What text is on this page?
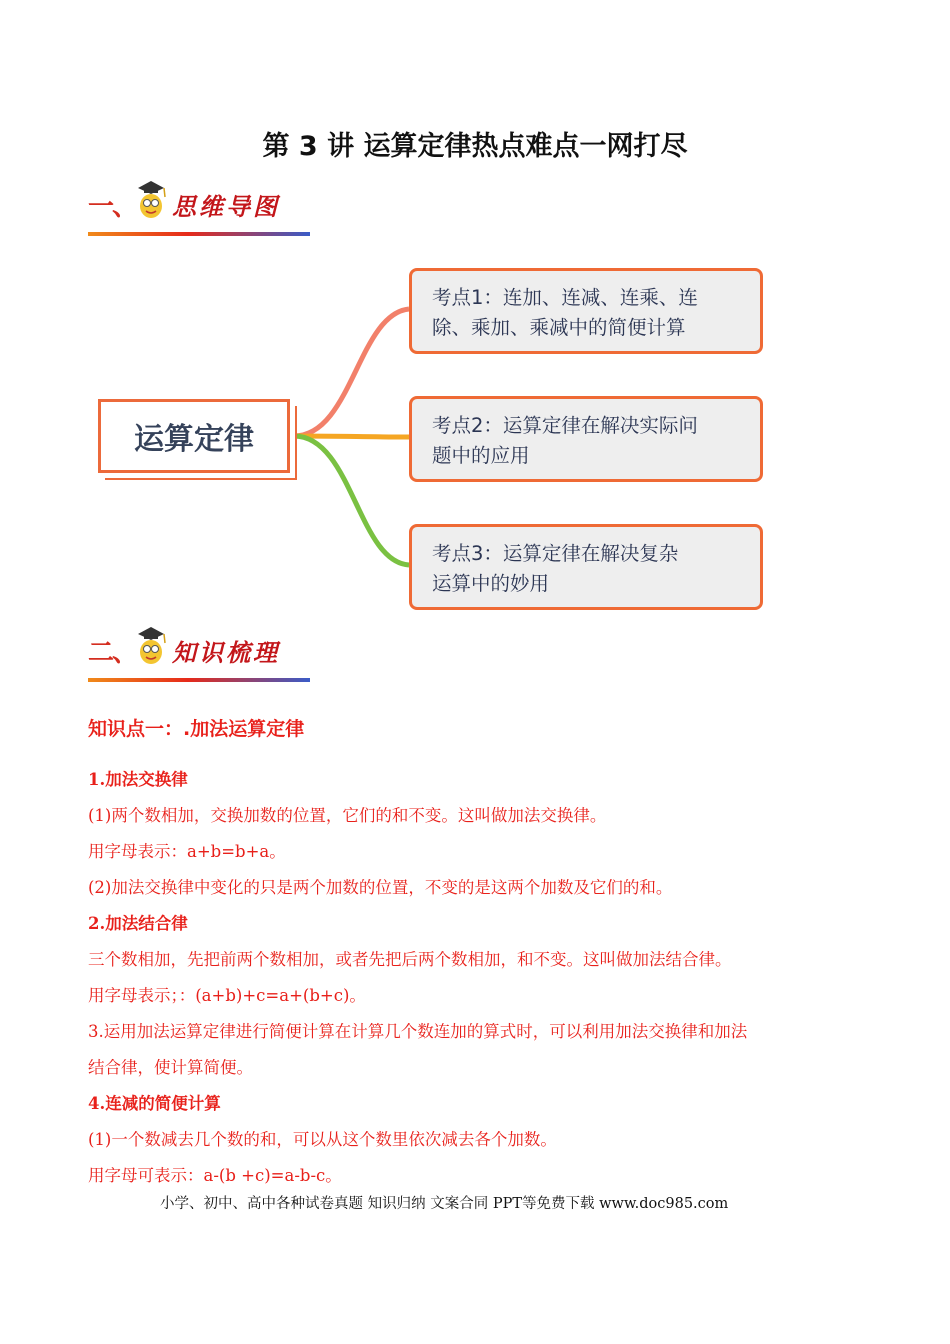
第 3 讲 运算定律热点难点一网打尽
一、 思维导图
运算定律
考点1：连加、连减、连乘、连
除、乘加、乘减中的简便计算
考点2：运算定律在解决实际问
题中的应用
考点3：运算定律在解决复杂
运算中的妙用
二、 知识梳理
知识点一：.加法运算定律
1.加法交换律
(1)两个数相加，交换加数的位置，它们的和不变。这叫做加法交换律。
用字母表示：a+b=b+a。
(2)加法交换律中变化的只是两个加数的位置，不变的是这两个加数及它们的和。
2.加法结合律
三个数相加，先把前两个数相加，或者先把后两个数相加，和不变。这叫做加法结合律。
用字母表示；：(a+b)+c=a+(b+c)。
3.运用加法运算定律进行简便计算在计算几个数连加的算式时，可以利用加法交换律和加法
结合律，使计算简便。
4.连减的简便计算
(1)一个数减去几个数的和，可以从这个数里依次减去各个加数。
用字母可表示：a-(b +c)=a-b-c。
小学、初中、高中各种试卷真题 知识归纳 文案合同 PPT等免费下载 www.doc985.com
